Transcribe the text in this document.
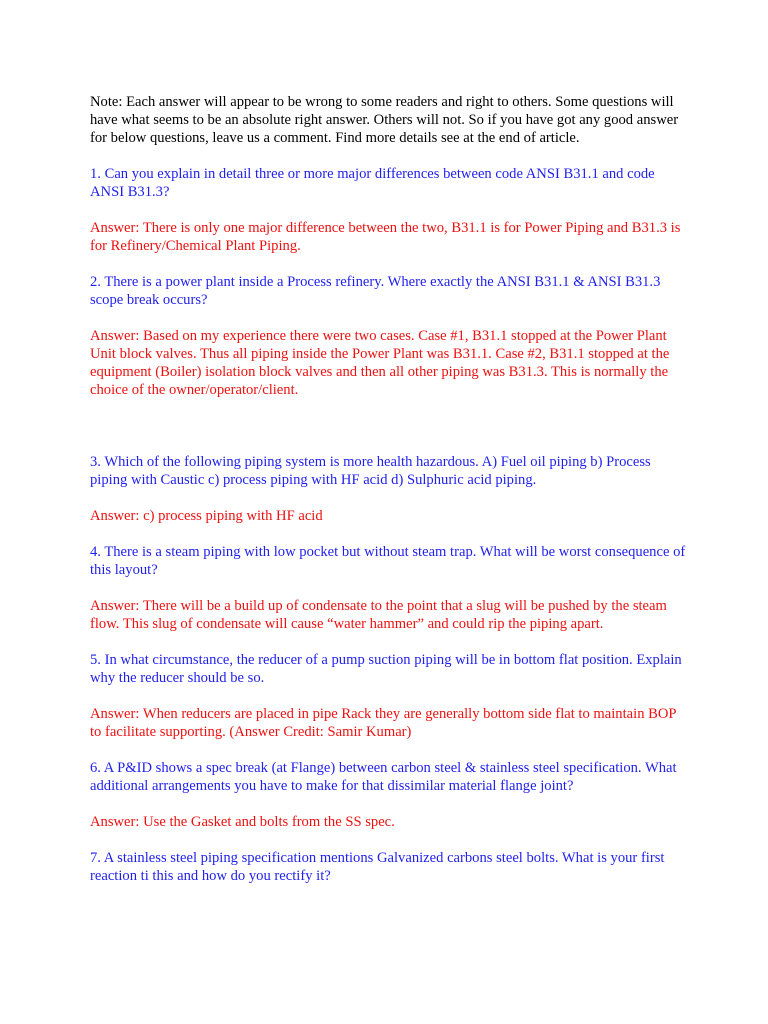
Note: Each answer will appear to be wrong to some readers and right to others. Some questions will have what seems to be an absolute right answer. Others will not. So if you have got any good answer for below questions, leave us a comment. Find more details see at the end of article.

1. Can you explain in detail three or more major differences between code ANSI B31.1 and code ANSI B31.3?

Answer: There is only one major difference between the two, B31.1 is for Power Piping and B31.3 is for Refinery/Chemical Plant Piping.

2. There is a power plant inside a Process refinery. Where exactly the ANSI B31.1 & ANSI B31.3 scope break occurs?

Answer: Based on my experience there were two cases. Case #1, B31.1 stopped at the Power Plant Unit block valves. Thus all piping inside the Power Plant was B31.1. Case #2, B31.1 stopped at the equipment (Boiler) isolation block valves and then all other piping was B31.3. This is normally the choice of the owner/operator/client.

3. Which of the following piping system is more health hazardous. A) Fuel oil piping b) Process piping with Caustic c) process piping with HF acid d) Sulphuric acid piping.

Answer: c) process piping with HF acid

4. There is a steam piping with low pocket but without steam trap. What will be worst consequence of this layout?

Answer: There will be a build up of condensate to the point that a slug will be pushed by the steam flow. This slug of condensate will cause “water hammer” and could rip the piping apart.

5. In what circumstance, the reducer of a pump suction piping will be in bottom flat position. Explain why the reducer should be so.

Answer: When reducers are placed in pipe Rack they are generally bottom side flat to maintain BOP to facilitate supporting. (Answer Credit: Samir Kumar)

6. A P&ID shows a spec break (at Flange) between carbon steel & stainless steel specification. What additional arrangements you have to make for that dissimilar material flange joint?

Answer: Use the Gasket and bolts from the SS spec.

7. A stainless steel piping specification mentions Galvanized carbons steel bolts. What is your first reaction ti this and how do you rectify it?
